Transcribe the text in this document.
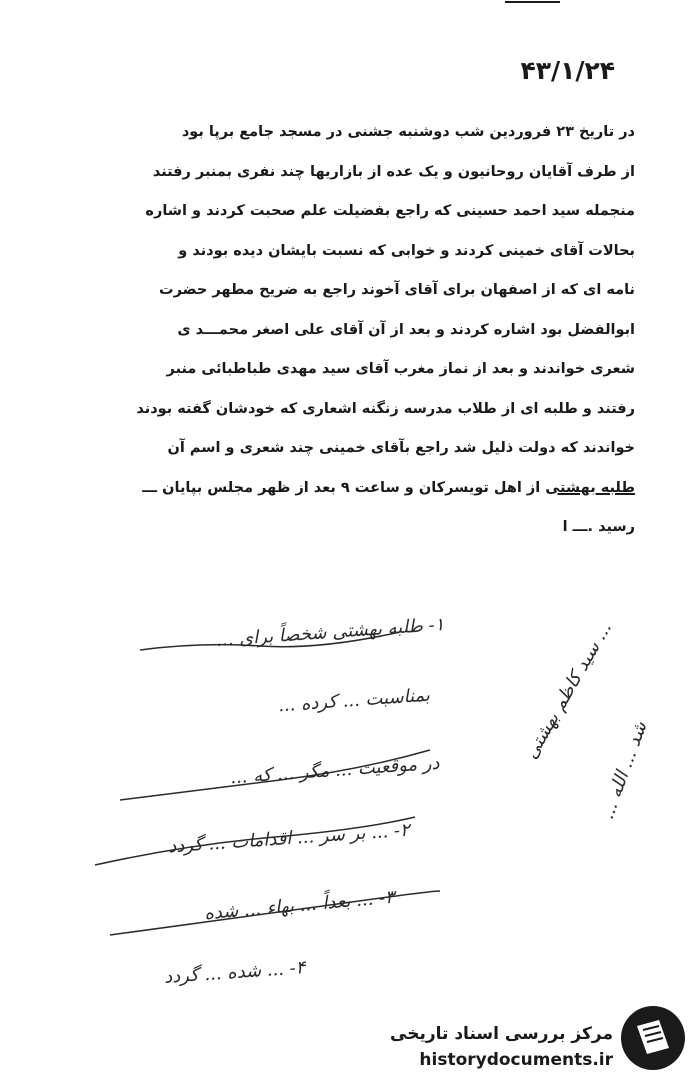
۴۳/۱/۲۴
در تاریخ ۲۳ فروردین شب دوشنبه جشنی در مسجد جامع برپا بود
از طرف آقایان روحانیون و یک عده از بازاریها چند نفری بمنبر رفتند
منجمله سید احمد حسینی که راجع بفضیلت علم صحبت کردند و اشاره
بحالات آقای خمینی کردند و خوابی که نسبت بایشان دیده بودند و
نامه ای که از اصفهان برای آقای آخوند راجع به ضریح مطهر حضرت
ابوالفضل بود اشاره کردند و بعد از آن آقای علی اصغر محمـــد ی
شعری خواندند و بعد از نماز مغرب آقای سید مهدی طباطبائی منبر
رفتند و طلبه ای از طلاب مدرسه زنگنه اشعاری که خودشان گفته بودند
خواندند که دولت ذلیل شد راجع بآقای خمینی چند شعری و اسم آن
طلبه بهشتی از اهل تویسرکان و ساعت ۹ بعد از ظهر مجلس بپایان ـــ
رسید .ـــ ا
۱- طلبه بهشتی شخصاً برای ...
بمناسبت ... کرده ...
در موقعیت ... مگر ... که ...
۲- ... بر سر ... اقدامات ... گردد
۳- ... بعداً ... بهاء ... شده
۴- ... شده ... گردد
... سید کاظم بهشتی
شد ... الله ...
مرکز بررسی اسناد تاریخی
historydocuments.ir
